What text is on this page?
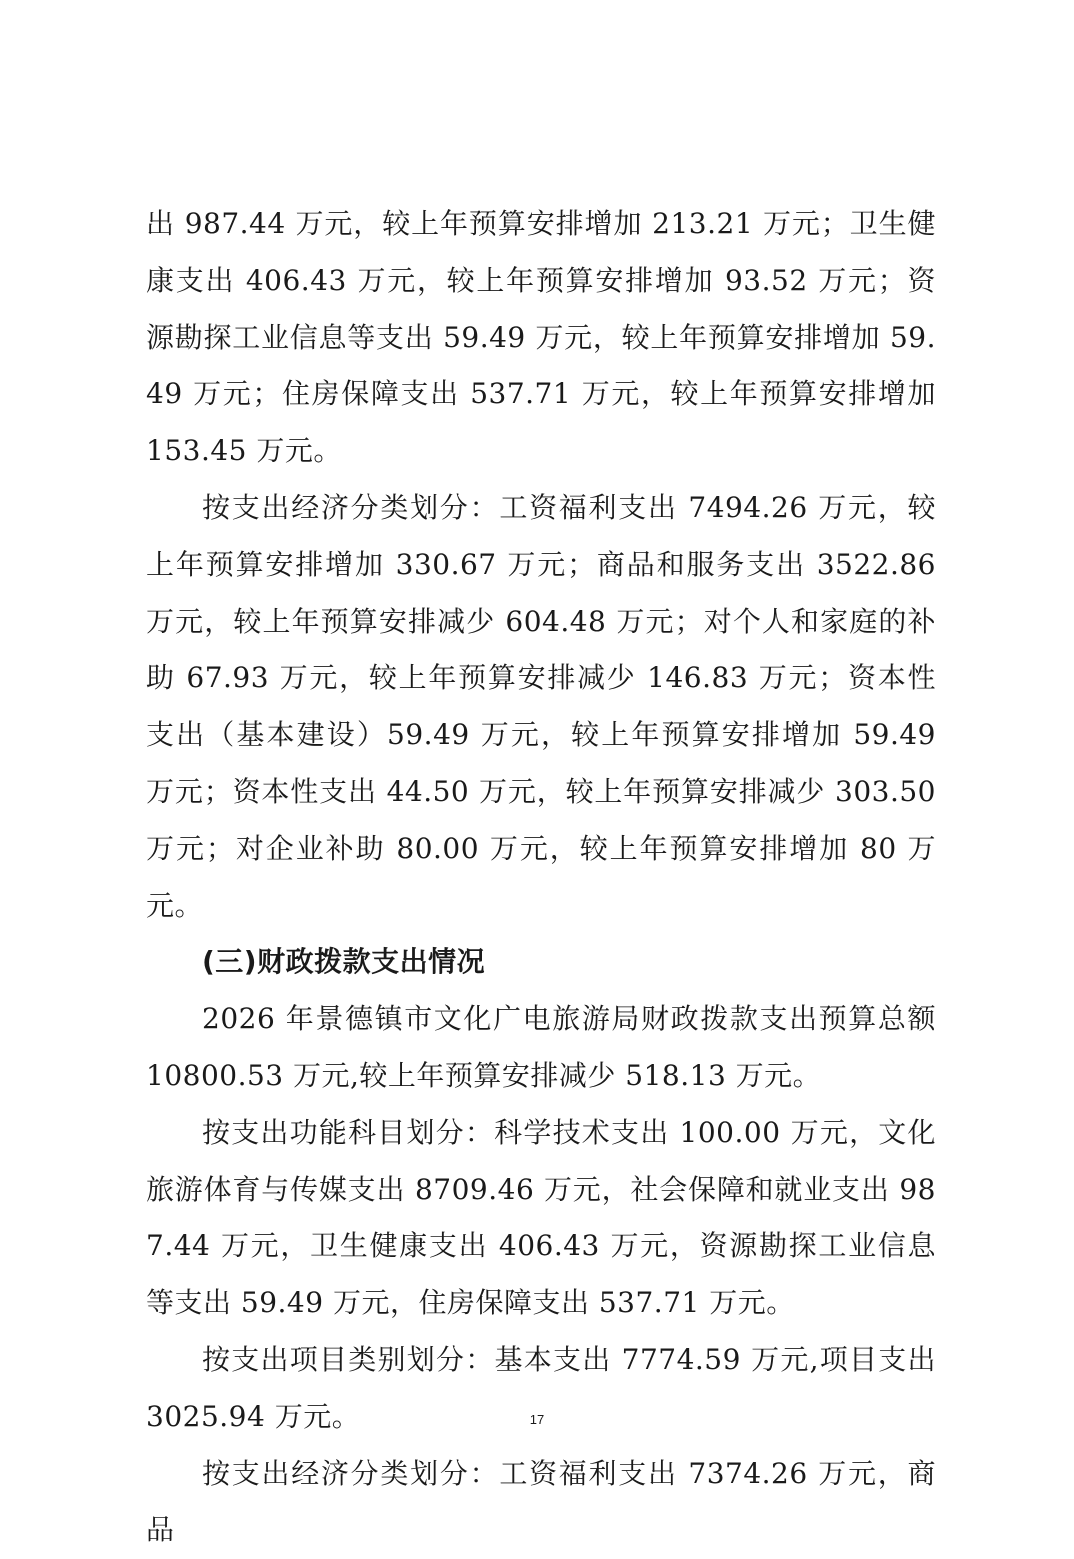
出 987.44 万元，较上年预算安排增加 213.21 万元；卫生健康支出 406.43 万元，较上年预算安排增加 93.52 万元；资源勘探工业信息等支出 59.49 万元，较上年预算安排增加 59.49 万元；住房保障支出 537.71 万元，较上年预算安排增加 153.45 万元。

按支出经济分类划分：工资福利支出 7494.26 万元，较上年预算安排增加 330.67 万元；商品和服务支出 3522.86 万元，较上年预算安排减少 604.48 万元；对个人和家庭的补助 67.93 万元，较上年预算安排减少 146.83 万元；资本性支出（基本建设）59.49 万元，较上年预算安排增加 59.49 万元；资本性支出 44.50 万元，较上年预算安排减少 303.50 万元；对企业补助 80.00 万元，较上年预算安排增加 80 万元。

(三)财政拨款支出情况

2026 年景德镇市文化广电旅游局财政拨款支出预算总额 10800.53 万元,较上年预算安排减少 518.13 万元。

按支出功能科目划分：科学技术支出 100.00 万元，文化旅游体育与传媒支出 8709.46 万元，社会保障和就业支出 987.44 万元，卫生健康支出 406.43 万元，资源勘探工业信息等支出 59.49 万元，住房保障支出 537.71 万元。

按支出项目类别划分：基本支出 7774.59 万元,项目支出 3025.94 万元。

按支出经济分类划分：工资福利支出 7374.26 万元，商品

17
